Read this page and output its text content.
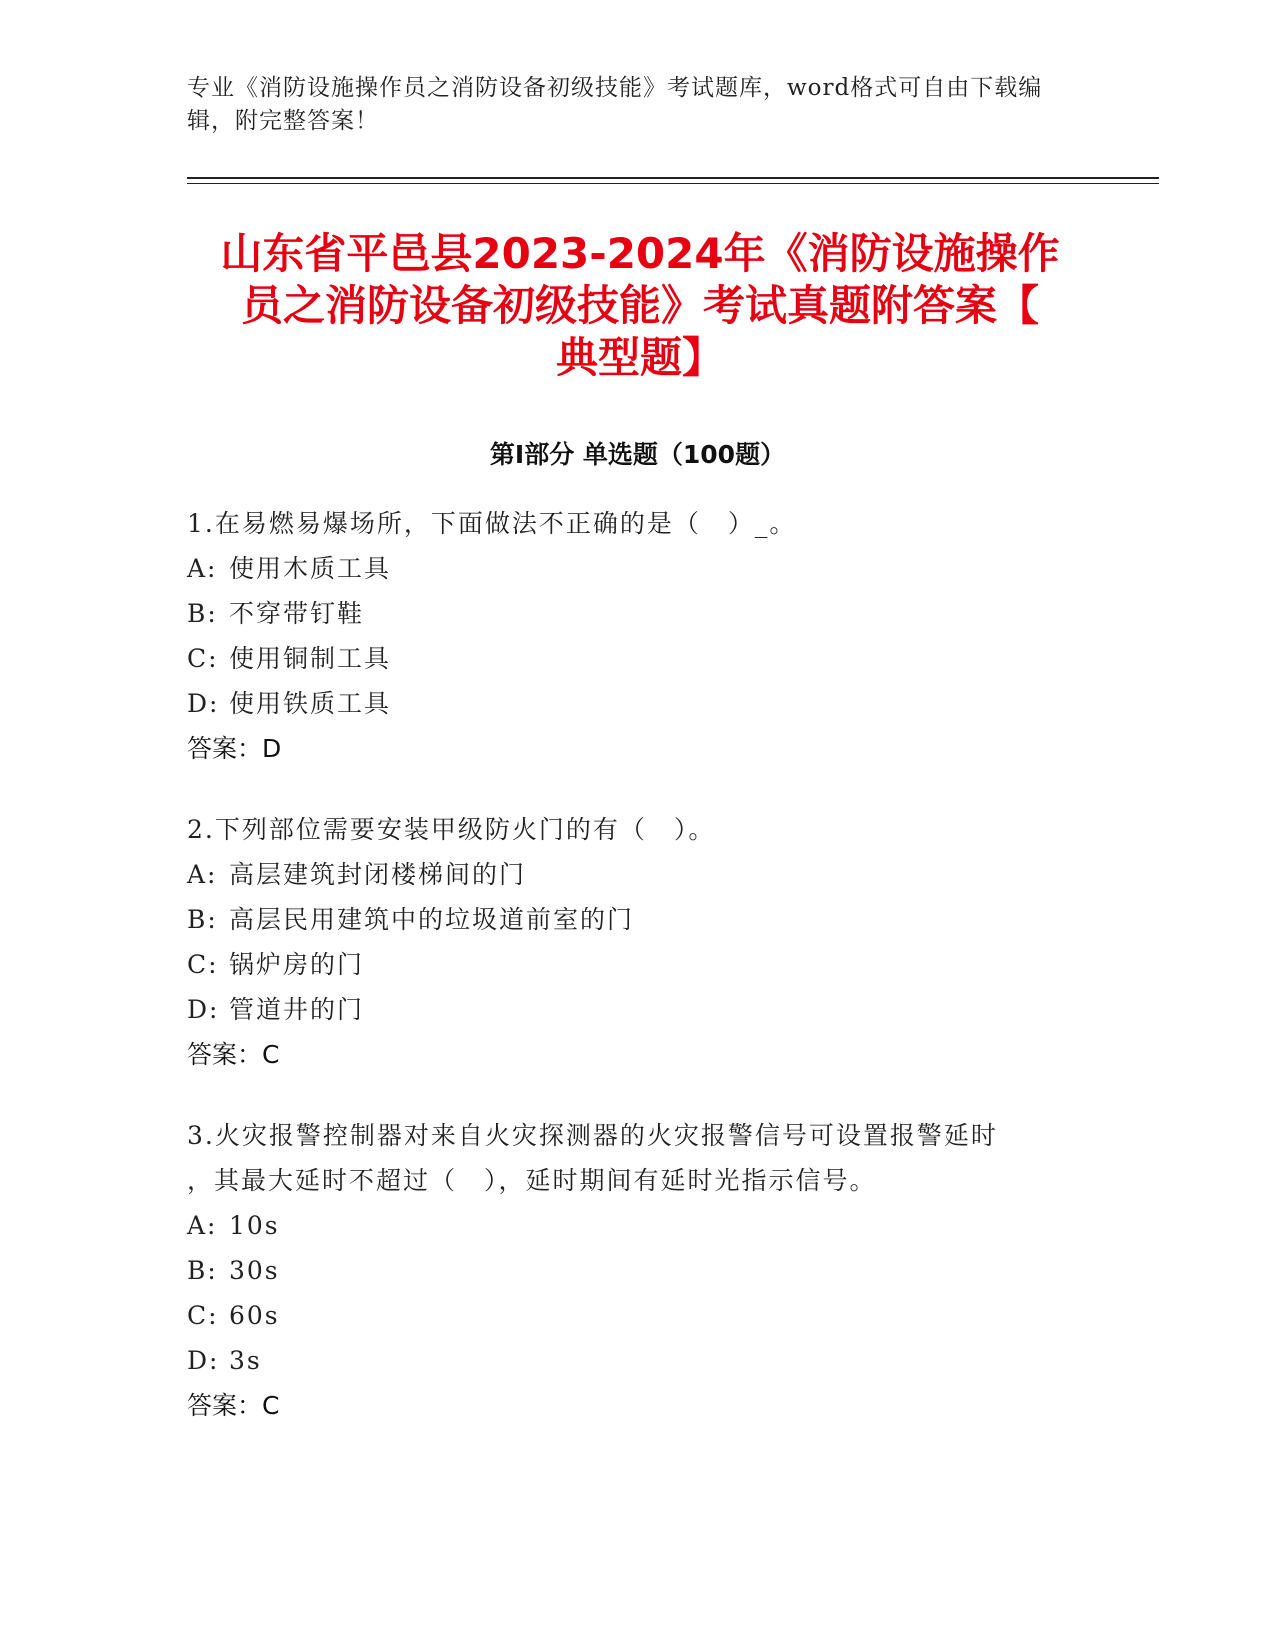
专业《消防设施操作员之消防设备初级技能》考试题库，word格式可自由下载编
辑，附完整答案！
山东省平邑县2023-2024年《消防设施操作
员之消防设备初级技能》考试真题附答案【
典型题】
第Ⅰ部分 单选题（100题）
1.在易燃易爆场所，下面做法不正确的是（　）_。
A: 使用木质工具
B: 不穿带钉鞋
C: 使用铜制工具
D: 使用铁质工具
答案：D
2.下列部位需要安装甲级防火门的有（　）。
A: 高层建筑封闭楼梯间的门
B: 高层民用建筑中的垃圾道前室的门
C: 锅炉房的门
D: 管道井的门
答案：C
3.火灾报警控制器对来自火灾探测器的火灾报警信号可设置报警延时
，其最大延时不超过（　），延时期间有延时光指示信号。
A: 10s
B: 30s
C: 60s
D: 3s
答案：C
